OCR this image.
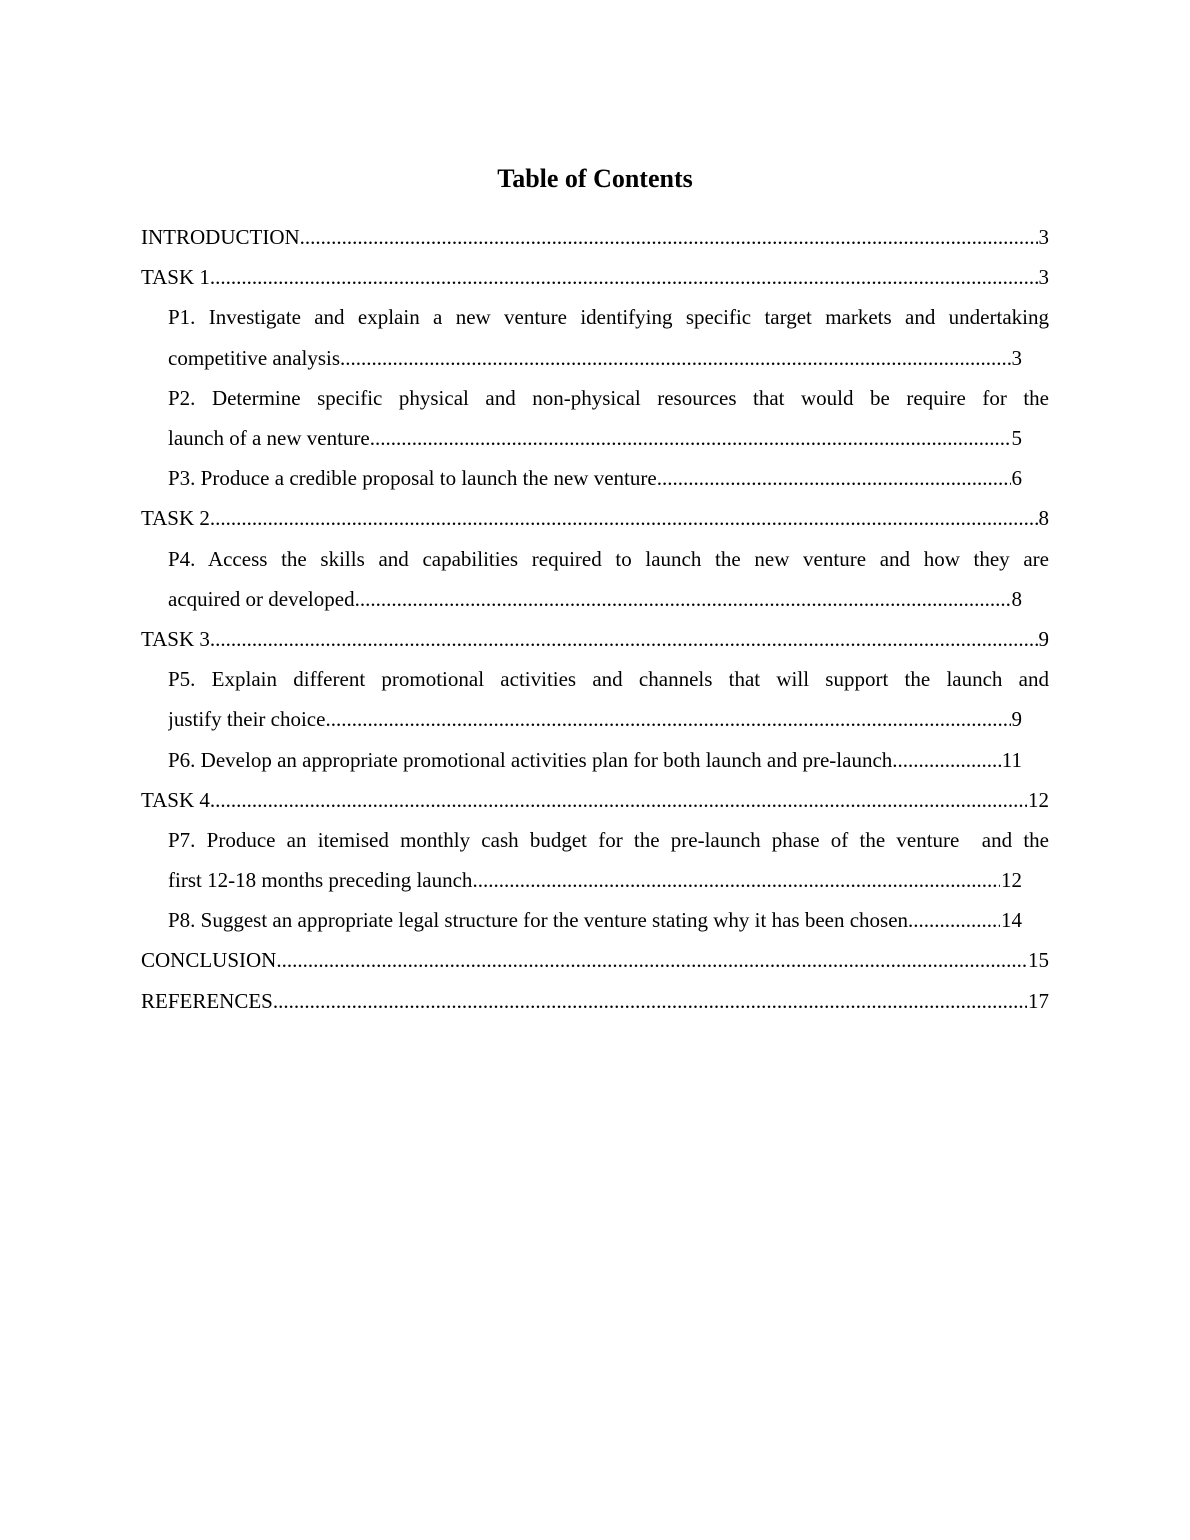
Table of Contents
INTRODUCTION .....	3
TASK 1 .....	3
P1. Investigate and explain a new venture identifying specific target markets and undertaking
competitive analysis .....	3
P2. Determine specific physical and non-physical resources that would be require for the
launch of a new venture .....	5
P3. Produce a credible proposal to launch the new venture .....	6
TASK 2 .....	8
P4. Access the skills and capabilities required to launch the new venture and how they are
acquired or developed .....	8
TASK 3 .....	9
P5. Explain different promotional activities and channels that will support the launch and
justify their choice .....	9
P6. Develop an appropriate promotional activities plan for both launch and pre-launch. .....	11
TASK 4 .....	12
P7. Produce an itemised monthly cash budget for the pre-launch phase of the venture  and the
first 12-18 months preceding launch .....	12
P8. Suggest an appropriate legal structure for the venture stating why it has been chosen. .....	14
CONCLUSION .....	15
REFERENCES .....	17
